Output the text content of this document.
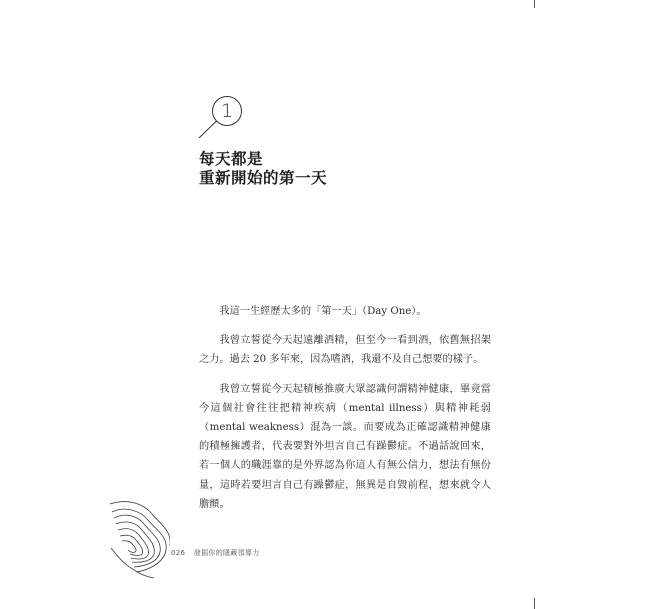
1
每天都是
重新開始的第一天

我這一生經歷太多的「第一天」（Day One）。

我曾立誓從今天起遠離酒精，但至今一看到酒，依舊無招架之力。過去 20 多年來，因為嗜酒，我還不及自己想要的樣子。

我曾立誓從今天起積極推廣大眾認識何謂精神健康，畢竟當今這個社會往往把精神疾病（mental illness）與精神耗弱（mental weakness）混為一談。而要成為正確認識精神健康的積極擁護者，代表要對外坦言自己有躁鬱症。不過話說回來，若一個人的職涯靠的是外界認為你這人有無公信力，想法有無份量，這時若要坦言自己有躁鬱症，無異是自毀前程，想來就令人膽顫。

026 發掘你的隱藏領導力
